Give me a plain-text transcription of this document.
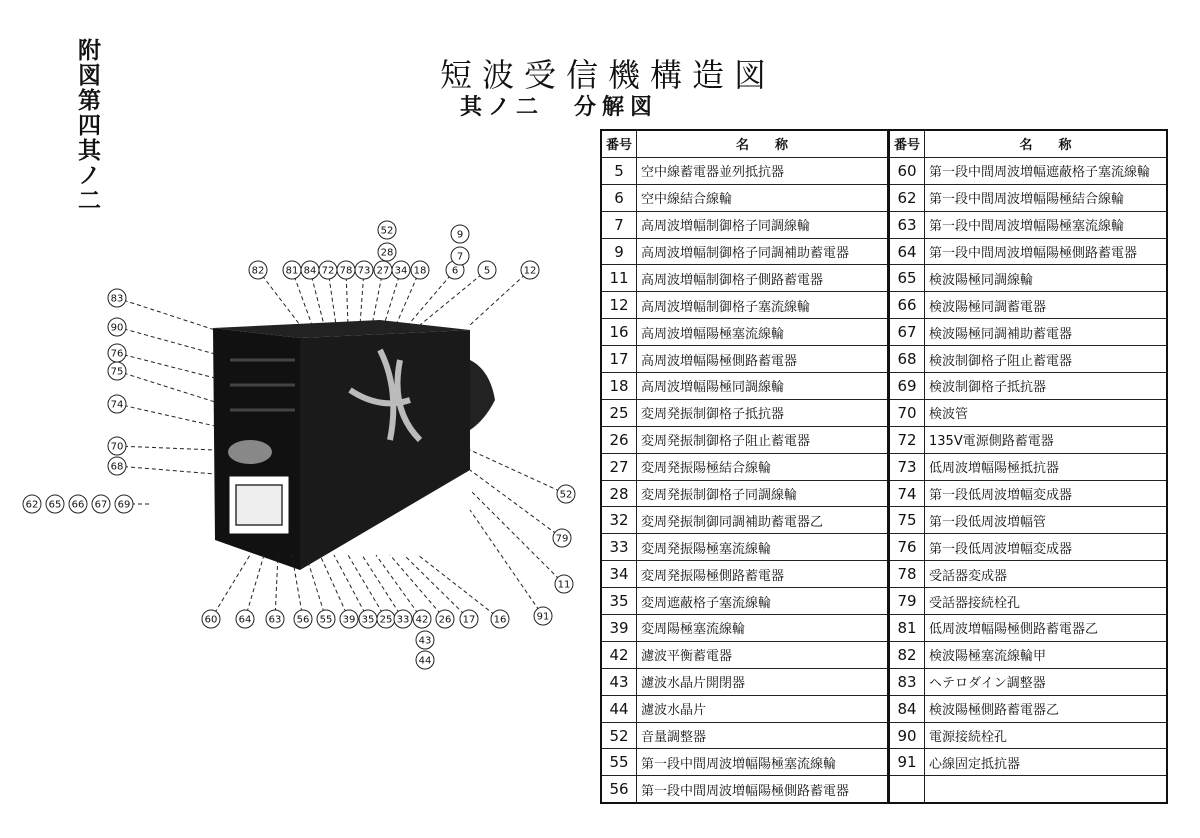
附図第四其ノ二	短波受信機構造図
其ノ二 分解図
82 81 84 72 78 73 27 34 18	6	5	12
52
28
9
7
83
90
76
75
74
70
68
62 65 66 67 69
52
79
11
91
60 64 63 56 55 39 35 25 33 42 26 17 16
43
44
番号	名　　称
5	空中線蓄電器並列抵抗器
6	空中線結合線輪
7	高周波増幅制御格子同調線輪
9	高周波増幅制御格子同調補助蓄電器
11	高周波増幅制御格子側路蓄電器
12	高周波増幅制御格子塞流線輪
16	高周波増幅陽極塞流線輪
17	高周波増幅陽極側路蓄電器
18	高周波増幅陽極同調線輪
25	変周発振制御格子抵抗器
26	変周発振制御格子阻止蓄電器
27	変周発振陽極結合線輪
28	変周発振制御格子同調線輪
32	変周発振制御同調補助蓄電器乙
33	変周発振陽極塞流線輪
34	変周発振陽極側路蓄電器
35	変周遮蔽格子塞流線輪
39	変周陽極塞流線輪
42	濾波平衡蓄電器
43	濾波水晶片開閉器
44	濾波水晶片
52	音量調整器
55	第一段中間周波増幅陽極塞流線輪
56	第一段中間周波増幅陽極側路蓄電器
番号	名　　称
60	第一段中間周波増幅遮蔽格子塞流線輪
62	第一段中間周波増幅陽極結合線輪
63	第一段中間周波増幅陽極塞流線輪
64	第一段中間周波増幅陽極側路蓄電器
65	検波陽極同調線輪
66	検波陽極同調蓄電器
67	検波陽極同調補助蓄電器
68	検波制御格子阻止蓄電器
69	検波制御格子抵抗器
70	検波管
72	135V電源側路蓄電器
73	低周波増幅陽極抵抗器
74	第一段低周波増幅変成器
75	第一段低周波増幅管
76	第一段低周波増幅変成器
78	受話器変成器
79	受話器接続栓孔
81	低周波増幅陽極側路蓄電器乙
82	検波陽極塞流線輪甲
83	ヘテロダイン調整器
84	検波陽極側路蓄電器乙
90	電源接続栓孔
91	心線固定抵抗器
